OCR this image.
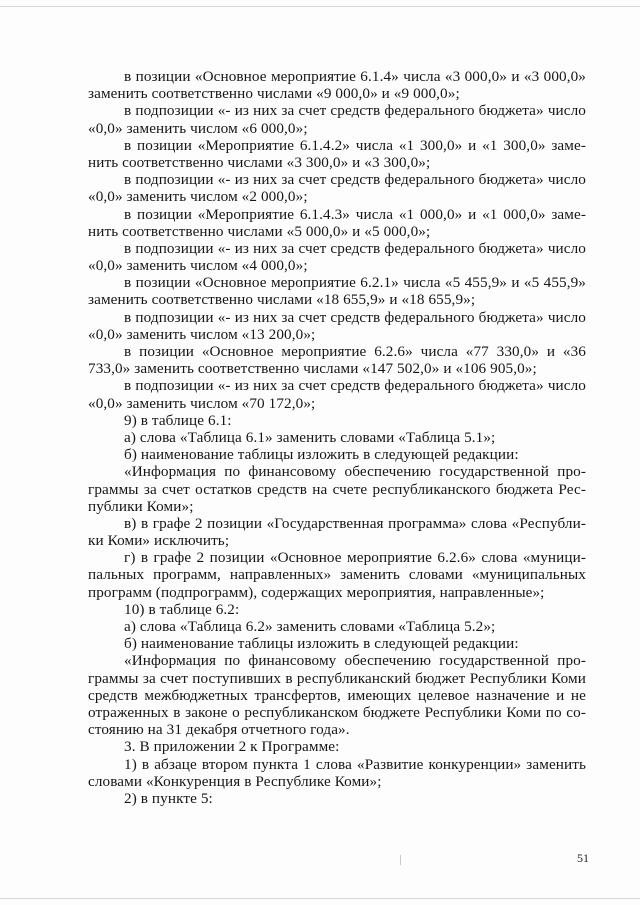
в позиции «Основное мероприятие 6.1.4» числа «3 000,0» и «3 000,0»
заменить соответственно числами «9 000,0» и «9 000,0»;
в подпозиции «- из них за счет средств федерального бюджета» число
«0,0» заменить числом «6 000,0»;
в позиции «Мероприятие 6.1.4.2» числа «1 300,0» и «1 300,0» заме-
нить соответственно числами «3 300,0» и «3 300,0»;
в подпозиции «- из них за счет средств федерального бюджета» число
«0,0» заменить числом «2 000,0»;
в позиции «Мероприятие 6.1.4.3» числа «1 000,0» и «1 000,0» заме-
нить соответственно числами «5 000,0» и «5 000,0»;
в подпозиции «- из них за счет средств федерального бюджета» число
«0,0» заменить числом «4 000,0»;
в позиции «Основное мероприятие 6.2.1» числа «5 455,9» и «5 455,9»
заменить соответственно числами «18 655,9» и «18 655,9»;
в подпозиции «- из них за счет средств федерального бюджета» число
«0,0» заменить числом «13 200,0»;
в позиции «Основное мероприятие 6.2.6» числа «77 330,0» и «36
733,0» заменить соответственно числами «147 502,0» и «106 905,0»;
в подпозиции «- из них за счет средств федерального бюджета» число
«0,0» заменить числом «70 172,0»;
9) в таблице 6.1:
а) слова «Таблица 6.1» заменить словами «Таблица 5.1»;
б) наименование таблицы изложить в следующей редакции:
«Информация по финансовому обеспечению государственной про-
граммы за счет остатков средств на счете республиканского бюджета Рес-
публики Коми»;
в) в графе 2 позиции «Государственная программа» слова «Республи-
ки Коми» исключить;
г) в графе 2 позиции «Основное мероприятие 6.2.6» слова «муници-
пальных программ, направленных» заменить словами «муниципальных
программ (подпрограмм), содержащих мероприятия, направленные»;
10) в таблице 6.2:
а) слова «Таблица 6.2» заменить словами «Таблица 5.2»;
б) наименование таблицы изложить в следующей редакции:
«Информация по финансовому обеспечению государственной про-
граммы за счет поступивших в республиканский бюджет Республики Коми
средств межбюджетных трансфертов, имеющих целевое назначение и не
отраженных в законе о республиканском бюджете Республики Коми по со-
стоянию на 31 декабря отчетного года».
3. В приложении 2 к Программе:
1) в абзаце втором пункта 1 слова «Развитие конкуренции» заменить
словами «Конкуренция в Республике Коми»;
2) в пункте 5:
51
